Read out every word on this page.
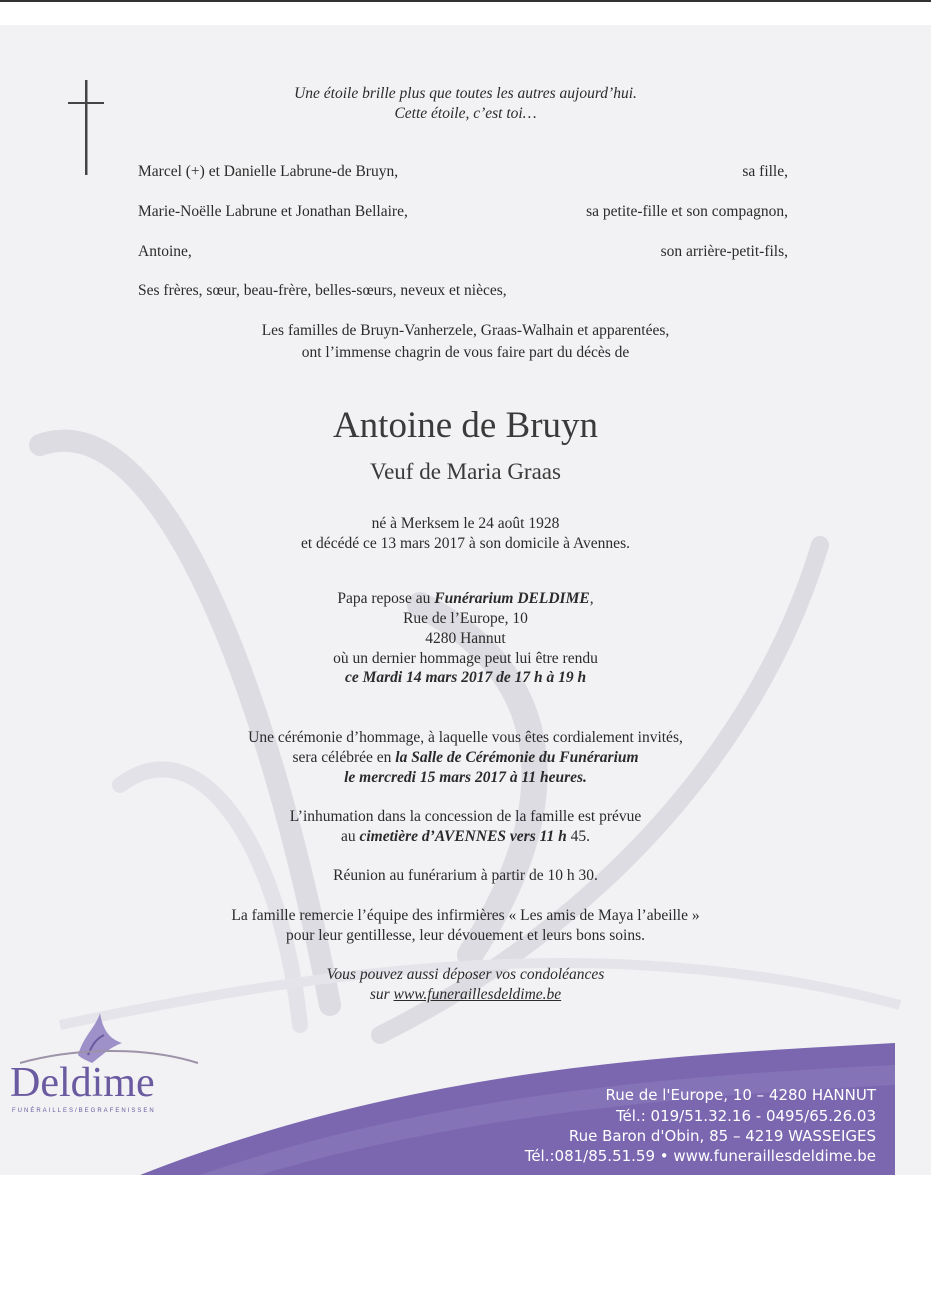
Une étoile brille plus que toutes les autres aujourd’hui.

Cette étoile, c’est toi…

Marcel (+) et Danielle Labrune-de Bruyn,	sa fille,
Marie-Noëlle Labrune et Jonathan Bellaire,	sa petite-fille et son compagnon,
Antoine,	son arrière-petit-fils,
Ses frères, sœur, beau-frère, belles-sœurs, neveux et nièces,

Les familles de Bruyn-Vanherzele, Graas-Walhain et apparentées,

ont l’immense chagrin de vous faire part du décès de

Antoine de Bruyn

Veuf de Maria Graas

né à Merksem le 24 août 1928

et décédé ce 13 mars 2017 à son domicile à Avennes.

Papa repose au Funérarium DELDIME,

Rue de l’Europe, 10

4280 Hannut

où un dernier hommage peut lui être rendu

ce Mardi 14 mars 2017 de 17 h à 19 h

Une cérémonie d’hommage, à laquelle vous êtes cordialement invités,

sera célébrée en la Salle de Cérémonie du Funérarium

le mercredi 15 mars 2017 à 11 heures.

L’inhumation dans la concession de la famille est prévue

au cimetière d’AVENNES vers 11 h 45.

Réunion au funérarium à partir de 10 h 30.

La famille remercie l’équipe des infirmières « Les amis de Maya l’abeille »

pour leur gentillesse, leur dévouement et leurs bons soins.

Vous pouvez aussi déposer vos condoléances

sur www.funeraillesdeldime.be

Deldime
FUNÉRAILLES/BEGRAFENISSEN
Rue de l'Europe, 10 – 4280 HANNUT
Tél.: 019/51.32.16 - 0495/65.26.03
Rue Baron d'Obin, 85 – 4219 WASSEIGES
Tél.:081/85.51.59 • www.funeraillesdeldime.be
